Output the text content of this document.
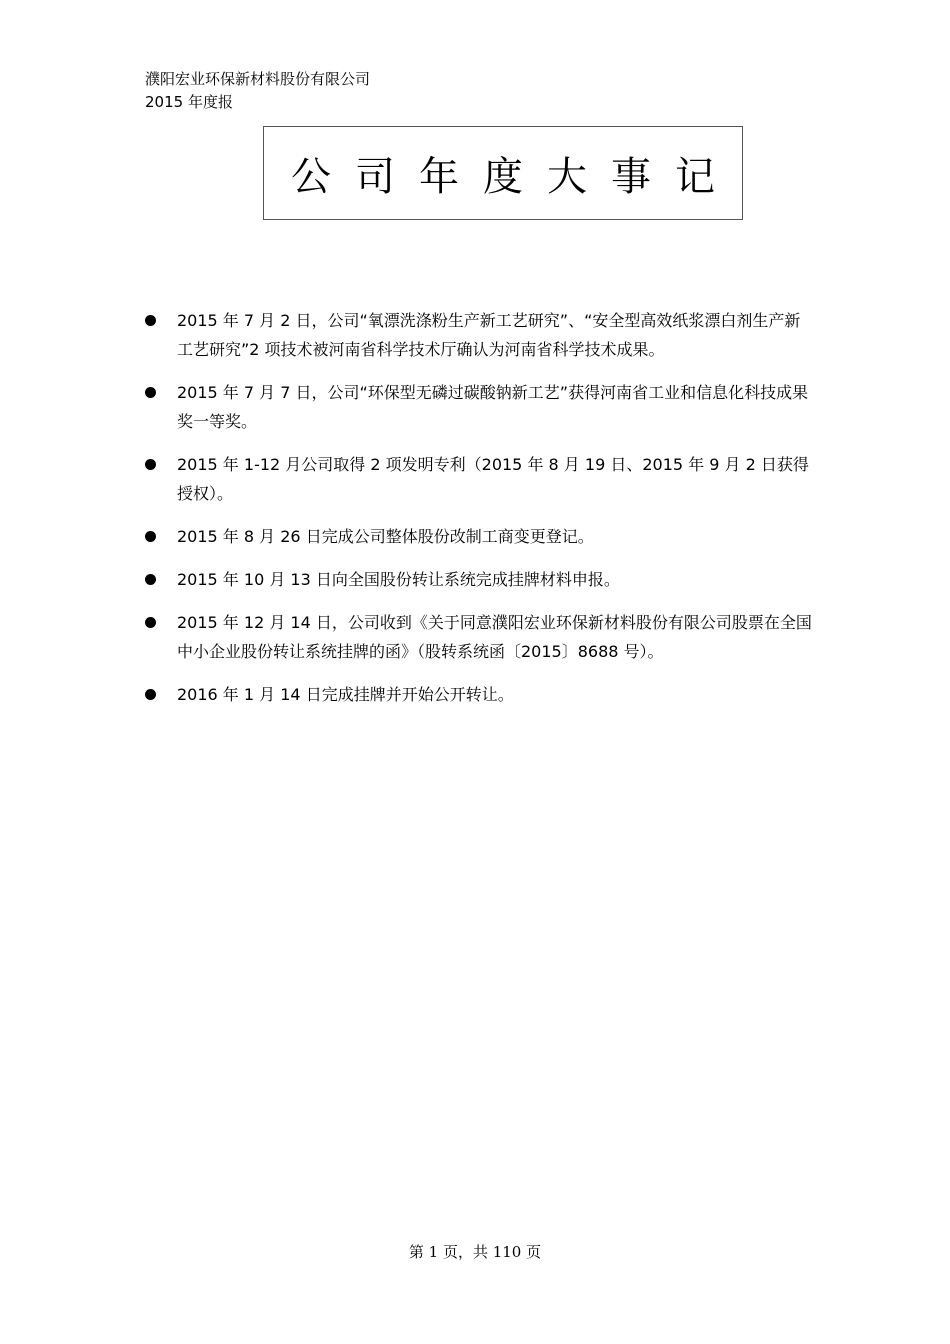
濮阳宏业环保新材料股份有限公司
2015 年度报
公司年度大事记
2015 年 7 月 2 日，公司“氧漂洗涤粉生产新工艺研究”、“安全型高效纸浆漂白剂生产新工艺研究”2 项技术被河南省科学技术厅确认为河南省科学技术成果。
2015 年 7 月 7 日，公司“环保型无磷过碳酸钠新工艺”获得河南省工业和信息化科技成果奖一等奖。
2015 年 1-12 月公司取得 2 项发明专利（2015 年 8 月 19 日、2015 年 9 月 2 日获得授权）。
2015 年 8 月 26 日完成公司整体股份改制工商变更登记。
2015 年 10 月 13 日向全国股份转让系统完成挂牌材料申报。
2015 年 12 月 14 日，公司收到《关于同意濮阳宏业环保新材料股份有限公司股票在全国中小企业股份转让系统挂牌的函》（股转系统函〔2015〕8688 号）。
2016 年 1 月 14 日完成挂牌并开始公开转让。
第 1 页，共 110 页
